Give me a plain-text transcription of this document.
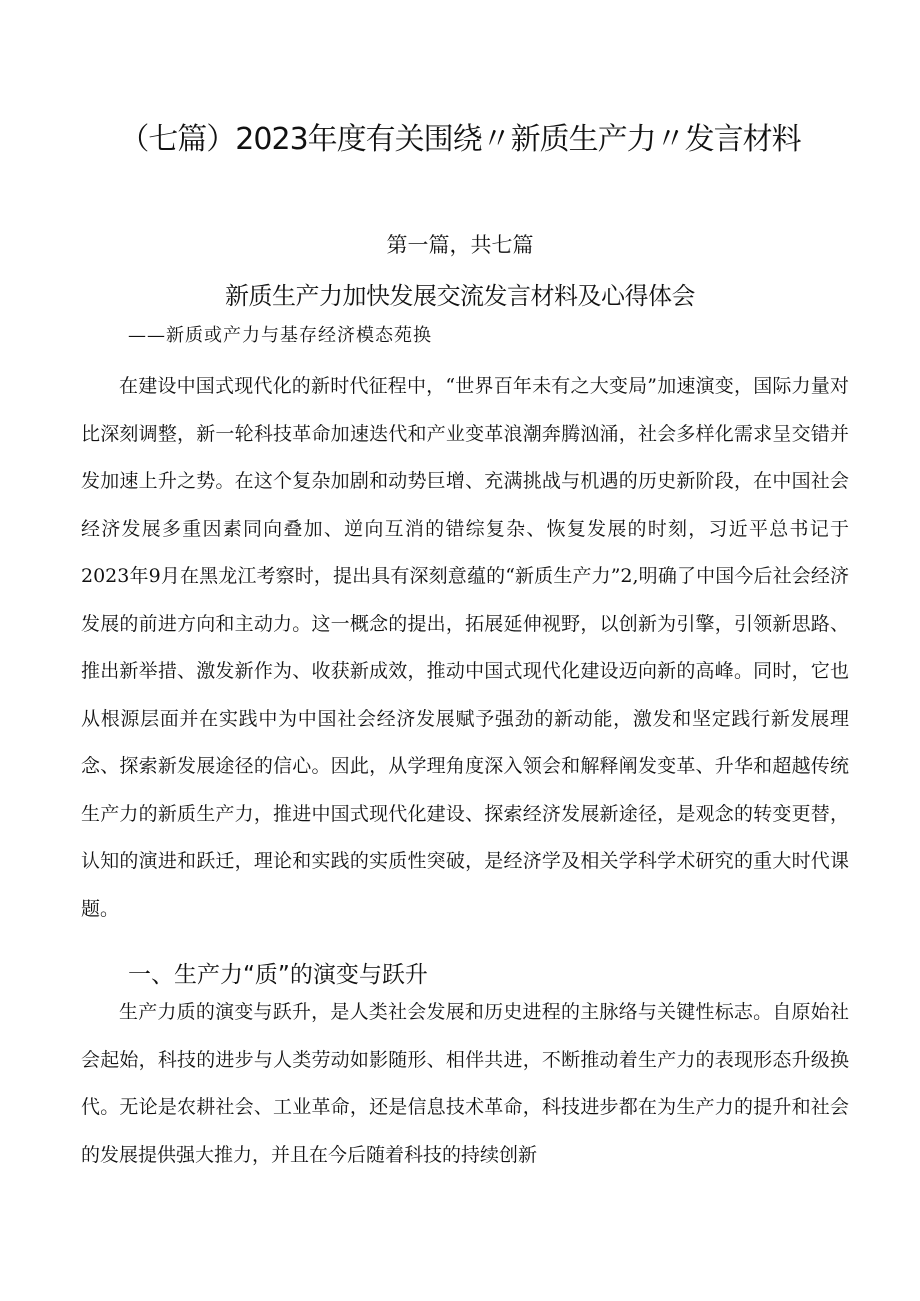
（七篇）2023年度有关围绕〃新质生产力〃发言材料
第一篇，共七篇
新质生产力加快发展交流发言材料及心得体会
——新质或产力与基存经济模态苑换

在建设中国式现代化的新时代征程中，“世界百年未有之大变局”加速演变，国际力量对比深刻调整，新一轮科技革命加速迭代和产业变革浪潮奔腾汹涌，社会多样化需求呈交错并发加速上升之势。在这个复杂加剧和动势巨增、充满挑战与机遇的历史新阶段，在中国社会经济发展多重因素同向叠加、逆向互消的错综复杂、恢复发展的时刻，习近平总书记于2023年9月在黑龙江考察时，提出具有深刻意蕴的“新质生产力”2,明确了中国今后社会经济发展的前进方向和主动力。这一概念的提出，拓展延伸视野，以创新为引擎，引领新思路、推出新举措、激发新作为、收获新成效，推动中国式现代化建设迈向新的高峰。同时，它也从根源层面并在实践中为中国社会经济发展赋予强劲的新动能，激发和坚定践行新发展理念、探索新发展途径的信心。因此，从学理角度深入领会和解释阐发变革、升华和超越传统生产力的新质生产力，推进中国式现代化建设、探索经济发展新途径，是观念的转变更替，认知的演进和跃迁，理论和实践的实质性突破，是经济学及相关学科学术研究的重大时代课题。

一、生产力“质”的演变与跃升

生产力质的演变与跃升，是人类社会发展和历史进程的主脉络与关键性标志。自原始社会起始，科技的进步与人类劳动如影随形、相伴共进，不断推动着生产力的表现形态升级换代。无论是农耕社会、工业革命，还是信息技术革命，科技进步都在为生产力的提升和社会的发展提供强大推力，并且在今后随着科技的持续创新
